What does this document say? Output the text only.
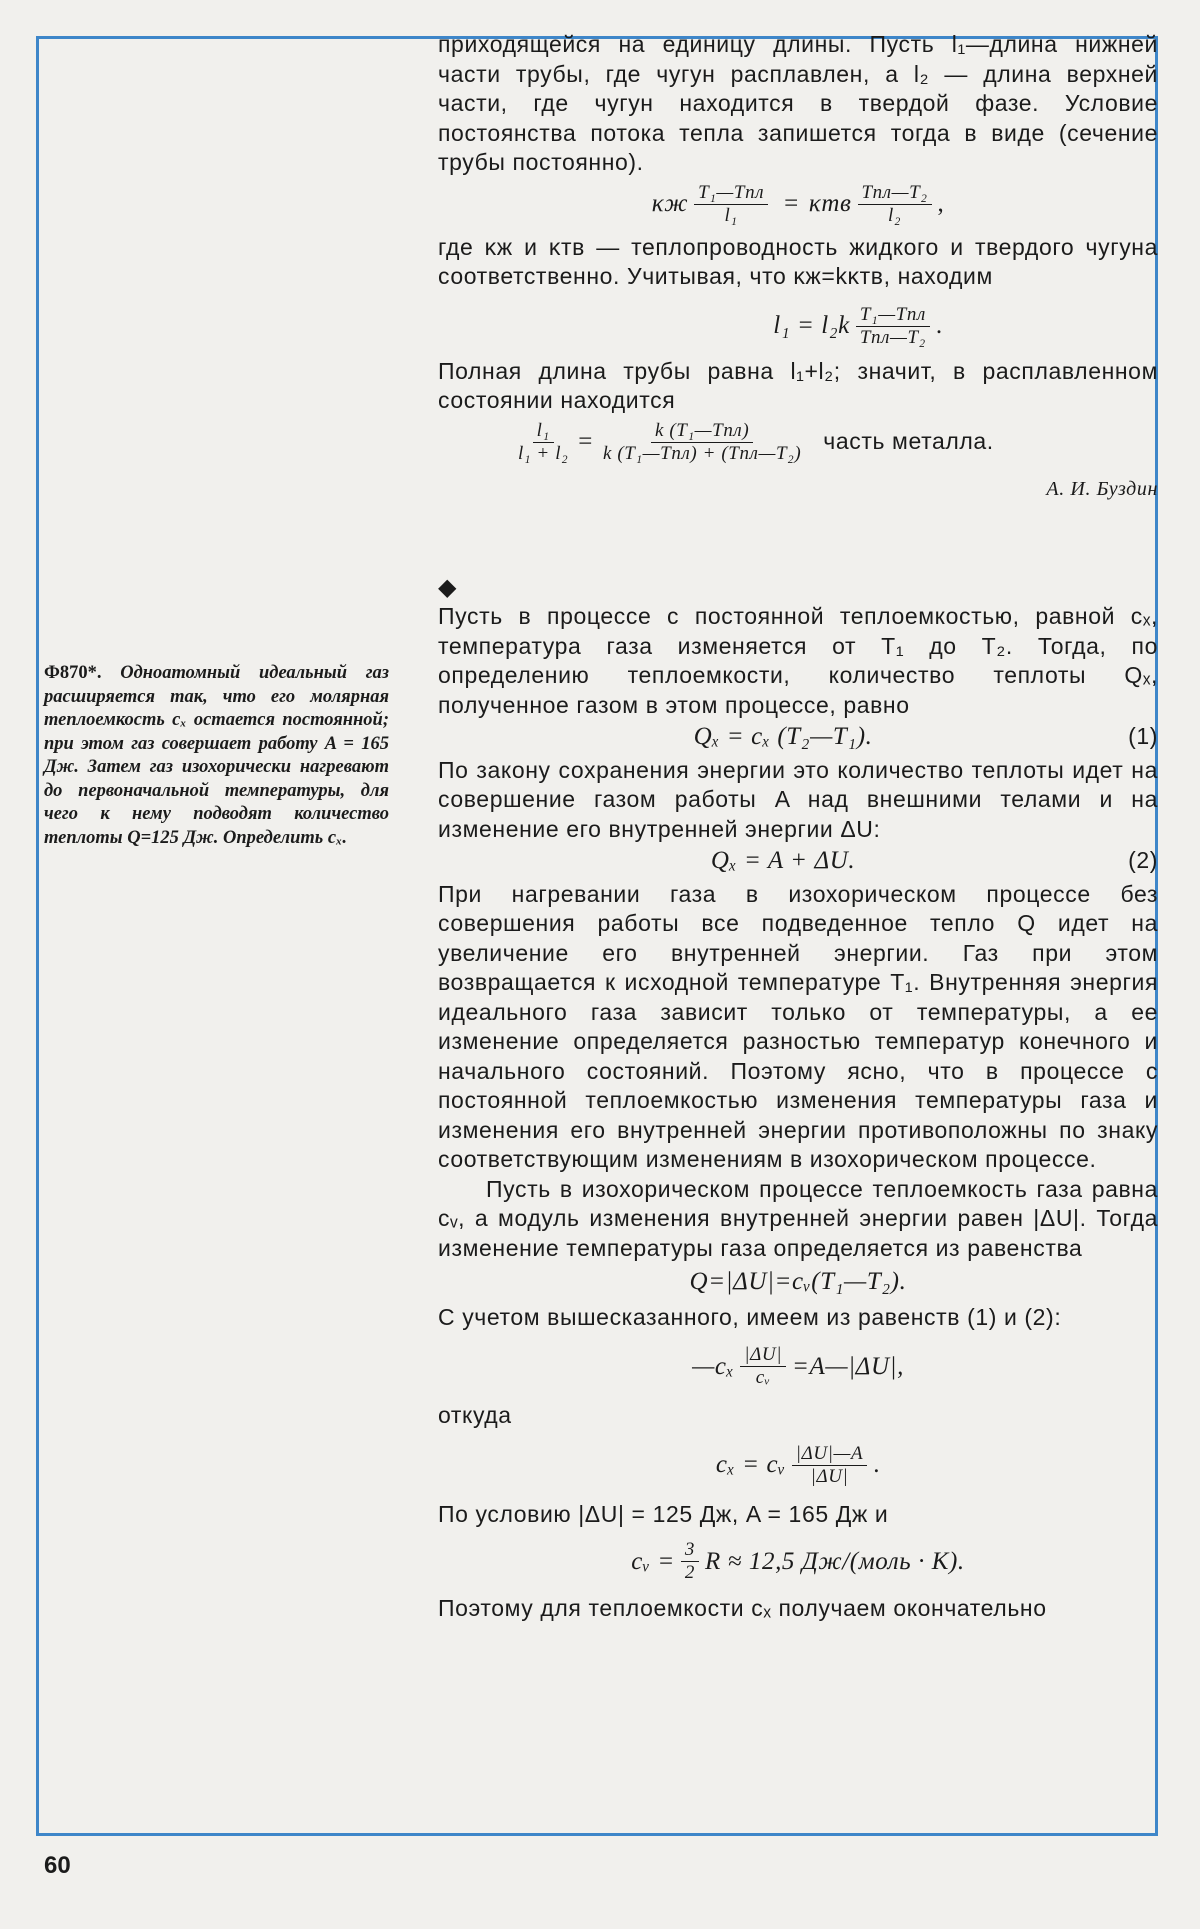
Ф870*. Одноатомный идеальный газ расширяется так, что его молярная теплоемкость cₓ остается постоянной; при этом газ совершает работу A = 165 Дж. Затем газ изохорически нагревают до первоначальной температуры, для чего к нему подводят количество теплоты Q=125 Дж. Определить cₓ.

приходящейся на единицу длины. Пусть l₁—длина нижней части трубы, где чугун расплавлен, а l₂ — длина верхней части, где чугун находится в твердой фазе. Условие постоянства потока тепла запишется тогда в виде (сечение трубы постоянно).

κж $\frac{\text{T₁—Tпл}}{\text{l₁}} = \kappa тв \frac{\text{Tпл—T₂}}{\text{l₂}}$ ,

где κж и κтв — теплопроводность жидкого и твердого чугуна соответственно. Учитывая, что κж=kκтв, находим

$l_1 = l_2k \frac{\text{T₁—Tпл}}{\text{Tпл—T₂}}$ .

Полная длина трубы равна l₁+l₂; значит, в расплавленном состоянии находится

$\frac{\text{l₁}}{\text{l₁ + l₂}} = \frac{\text{k (T₁—Tпл)}}{\text{k (T₁—Tпл) + (Tпл—T₂)}}$ часть металла.
А. И. Буздин
◆

Пусть в процессе с постоянной теплоемкостью, равной cₓ, температура газа изменяется от T₁ до T₂. Тогда, по определению теплоемкости, количество теплоты Qₓ, полученное газом в этом процессе, равно

Qₓ = cₓ (T₂—T₁).	(1)

По закону сохранения энергии это количество теплоты идет на совершение газом работы A над внешними телами и на изменение его внутренней энергии ΔU:

Qₓ = A + ΔU.	(2)

При нагревании газа в изохорическом процессе без совершения работы все подведенное тепло Q идет на увеличение его внутренней энергии. Газ при этом возвращается к исходной температуре T₁. Внутренняя энергия идеального газа зависит только от температуры, а ее изменение определяется разностью температур конечного и начального состояний. Поэтому ясно, что в процессе с постоянной теплоемкостью изменения температуры газа и изменения его внутренней энергии противоположны по знаку соответствующим изменениям в изохорическом процессе.

Пусть в изохорическом процессе теплоемкость газа равна cᵥ, а модуль изменения внутренней энергии равен |ΔU|. Тогда изменение температуры газа определяется из равенства

Q=|ΔU|=cᵥ(T₁—T₂).

С учетом вышесказанного, имеем из равенств (1) и (2):

—cₓ $\frac{|\Delta U|}{\text{cᵥ}}$ =A—|ΔU|,

откуда

cₓ = cᵥ $\frac{|\Delta U|—A}{|\Delta U|}$ .

По условию |ΔU| = 125 Дж, A = 165 Дж и

cᵥ = $\frac{3}{2}$ R ≈ 12,5 Дж/(моль · К).

Поэтому для теплоемкости cₓ получаем окончательно

60
